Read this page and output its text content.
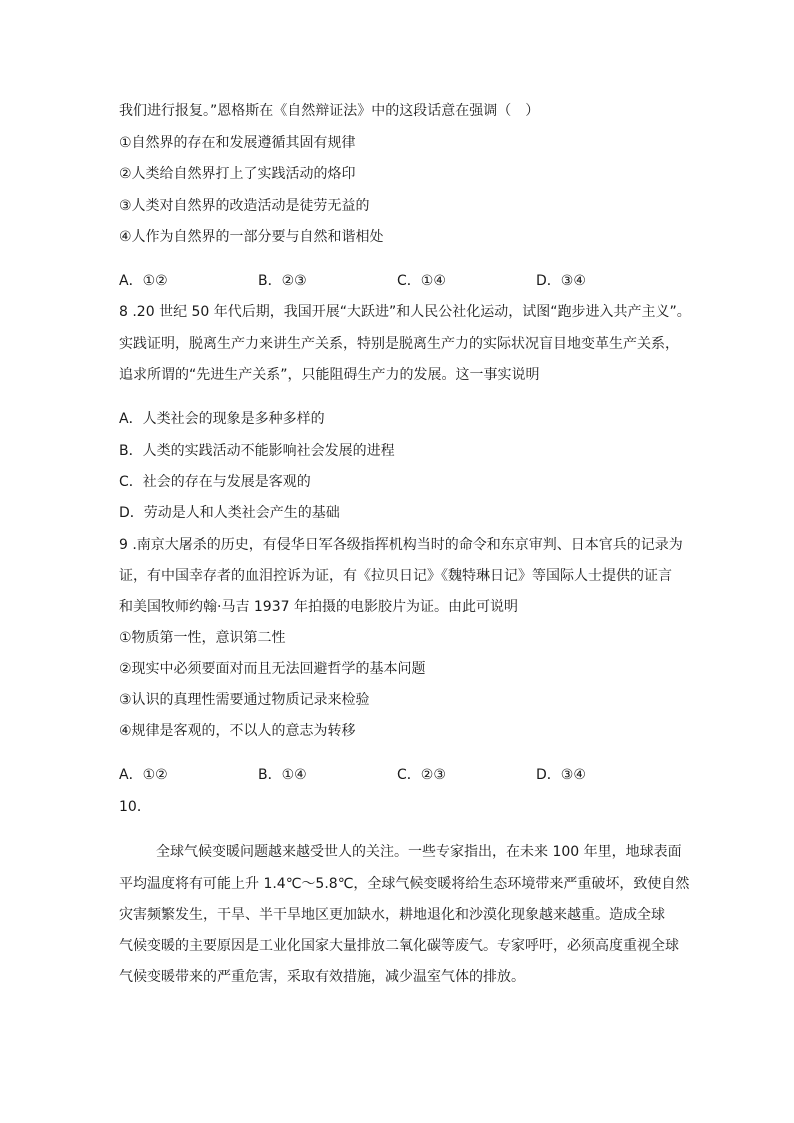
我们进行报复。”恩格斯在《自然辩证法》中的这段话意在强调（　）
①自然界的存在和发展遵循其固有规律
②人类给自然界打上了实践活动的烙印
③人类对自然界的改造活动是徒劳无益的
④人作为自然界的一部分要与自然和谐相处
A．①②	B．②③	C．①④	D．③④
8 .20 世纪 50 年代后期，我国开展“大跃进”和人民公社化运动，试图“跑步进入共产主义”。
实践证明，脱离生产力来讲生产关系，特别是脱离生产力的实际状况盲目地变革生产关系，
追求所谓的“先进生产关系”，只能阻碍生产力的发展。这一事实说明
A．人类社会的现象是多种多样的
B．人类的实践活动不能影响社会发展的进程
C．社会的存在与发展是客观的
D．劳动是人和人类社会产生的基础
9 .南京大屠杀的历史，有侵华日军各级指挥机构当时的命令和东京审判、日本官兵的记录为
证，有中国幸存者的血泪控诉为证，有《拉贝日记》《魏特琳日记》等国际人士提供的证言
和美国牧师约翰·马吉 1937 年拍摄的电影胶片为证。由此可说明
①物质第一性，意识第二性
②现实中必须要面对而且无法回避哲学的基本问题
③认识的真理性需要通过物质记录来检验
④规律是客观的，不以人的意志为转移
A．①②	B．①④	C．②③	D．③④
10．
全球气候变暖问题越来越受世人的关注。一些专家指出，在未来 100 年里，地球表面
平均温度将有可能上升 1.4℃～5.8℃，全球气候变暖将给生态环境带来严重破坏，致使自然
灾害频繁发生，干旱、半干旱地区更加缺水，耕地退化和沙漠化现象越来越重。造成全球
气候变暖的主要原因是工业化国家大量排放二氧化碳等废气。专家呼吁，必须高度重视全球
气候变暖带来的严重危害，采取有效措施，减少温室气体的排放。
